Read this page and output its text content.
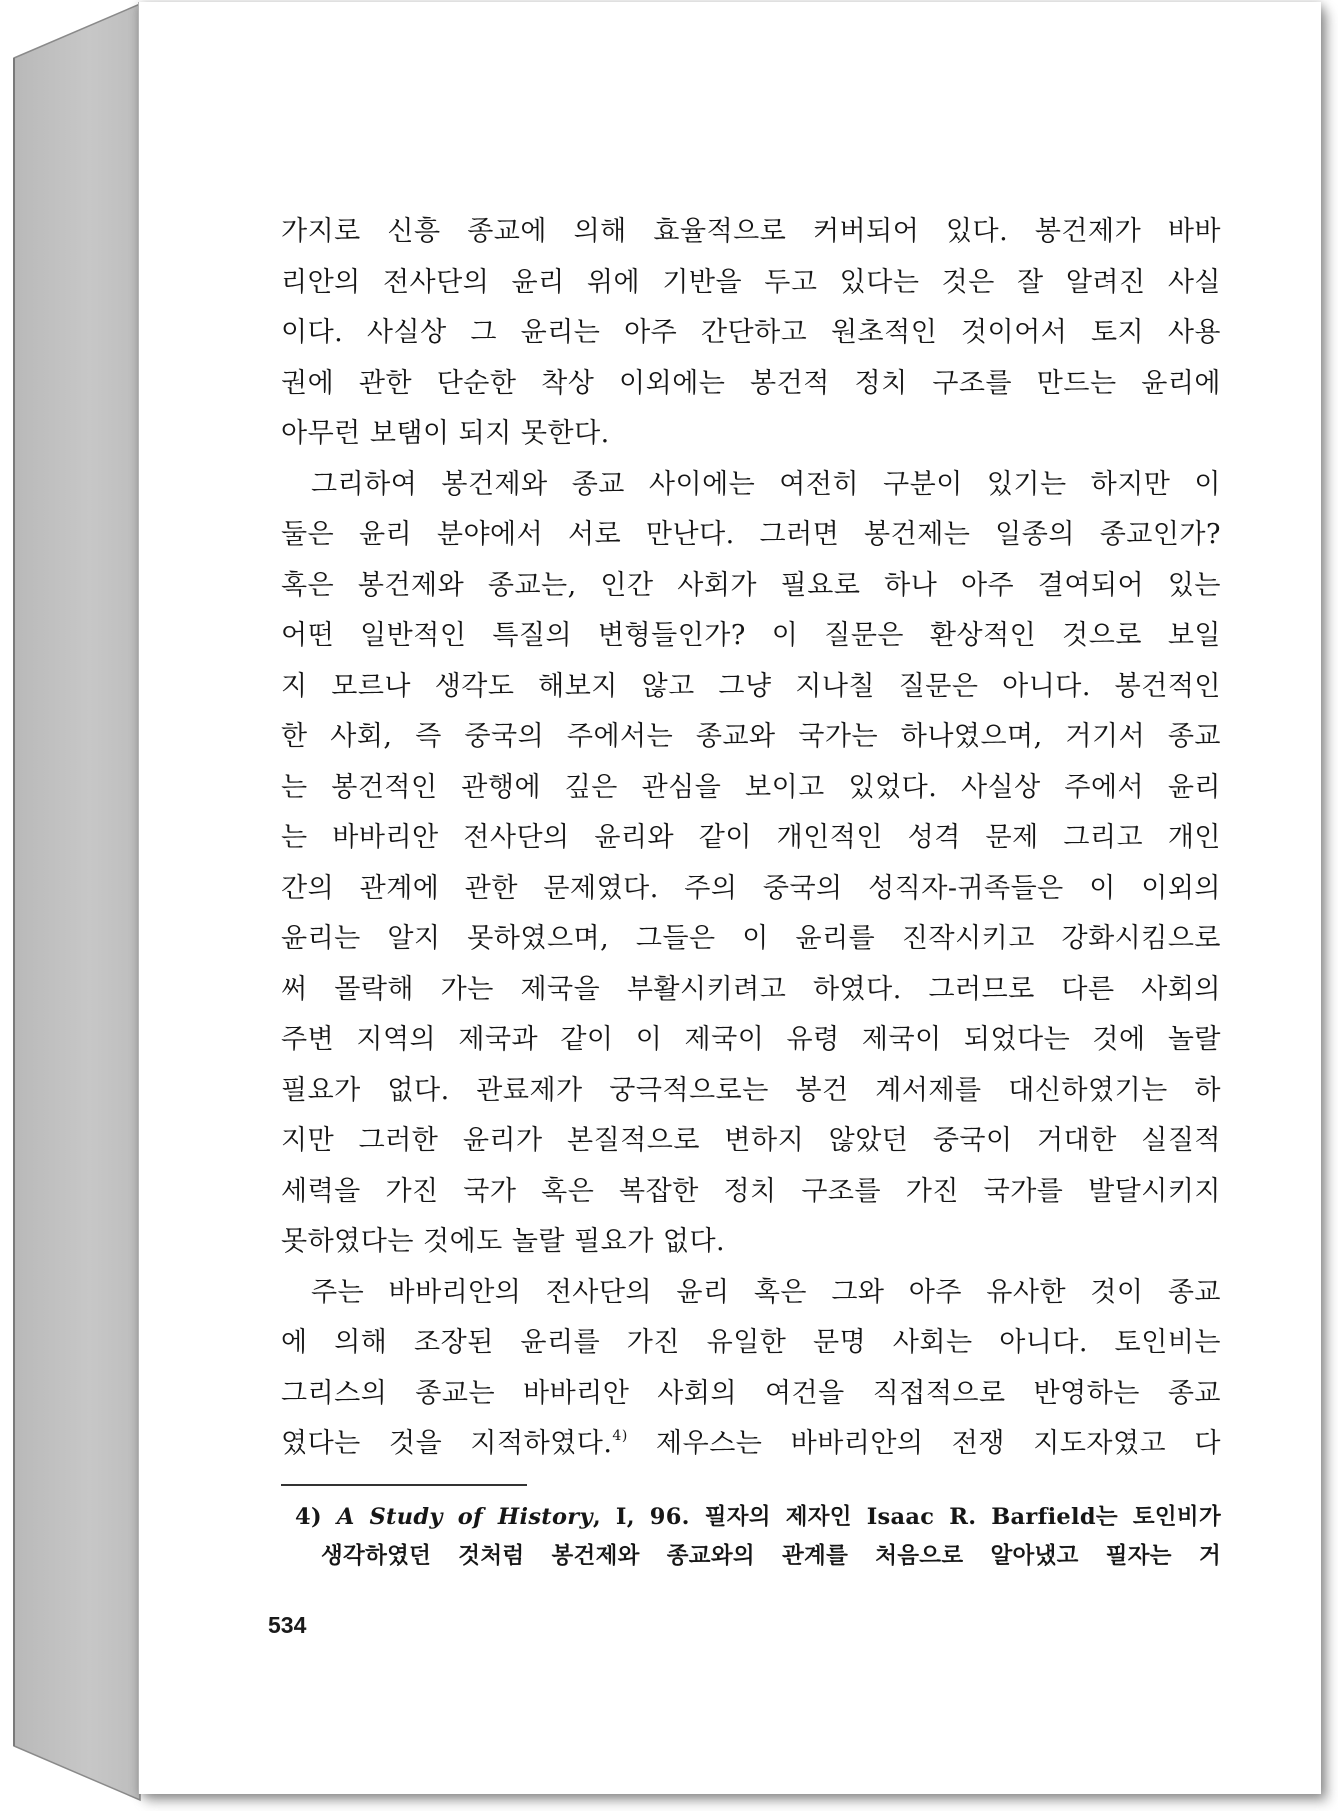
가지로 신흥 종교에 의해 효율적으로 커버되어 있다. 봉건제가 바바

리안의 전사단의 윤리 위에 기반을 두고 있다는 것은 잘 알려진 사실

이다. 사실상 그 윤리는 아주 간단하고 원초적인 것이어서 토지 사용

권에 관한 단순한 착상 이외에는 봉건적 정치 구조를 만드는 윤리에

아무런 보탬이 되지 못한다.

그리하여 봉건제와 종교 사이에는 여전히 구분이 있기는 하지만 이

둘은 윤리 분야에서 서로 만난다. 그러면 봉건제는 일종의 종교인가?

혹은 봉건제와 종교는, 인간 사회가 필요로 하나 아주 결여되어 있는

어떤 일반적인 특질의 변형들인가? 이 질문은 환상적인 것으로 보일

지 모르나 생각도 해보지 않고 그냥 지나칠 질문은 아니다. 봉건적인

한 사회, 즉 중국의 주에서는 종교와 국가는 하나였으며, 거기서 종교

는 봉건적인 관행에 깊은 관심을 보이고 있었다. 사실상 주에서 윤리

는 바바리안 전사단의 윤리와 같이 개인적인 성격 문제 그리고 개인

간의 관계에 관한 문제였다. 주의 중국의 성직자-귀족들은 이 이외의

윤리는 알지 못하였으며, 그들은 이 윤리를 진작시키고 강화시킴으로

써 몰락해 가는 제국을 부활시키려고 하였다. 그러므로 다른 사회의

주변 지역의 제국과 같이 이 제국이 유령 제국이 되었다는 것에 놀랄

필요가 없다. 관료제가 궁극적으로는 봉건 계서제를 대신하였기는 하

지만 그러한 윤리가 본질적으로 변하지 않았던 중국이 거대한 실질적

세력을 가진 국가 혹은 복잡한 정치 구조를 가진 국가를 발달시키지

못하였다는 것에도 놀랄 필요가 없다.

주는 바바리안의 전사단의 윤리 혹은 그와 아주 유사한 것이 종교

에 의해 조장된 윤리를 가진 유일한 문명 사회는 아니다. 토인비는

그리스의 종교는 바바리안 사회의 여건을 직접적으로 반영하는 종교

였다는 것을 지적하였다.$^{4)}$ 제우스는 바바리안의 전쟁 지도자였고 다

4) A Study of History, I, 96. 필자의 제자인 Isaac R. Barfield는 토인비가

생각하였던 것처럼 봉건제와 종교와의 관계를 처음으로 알아냈고 필자는 거

534
